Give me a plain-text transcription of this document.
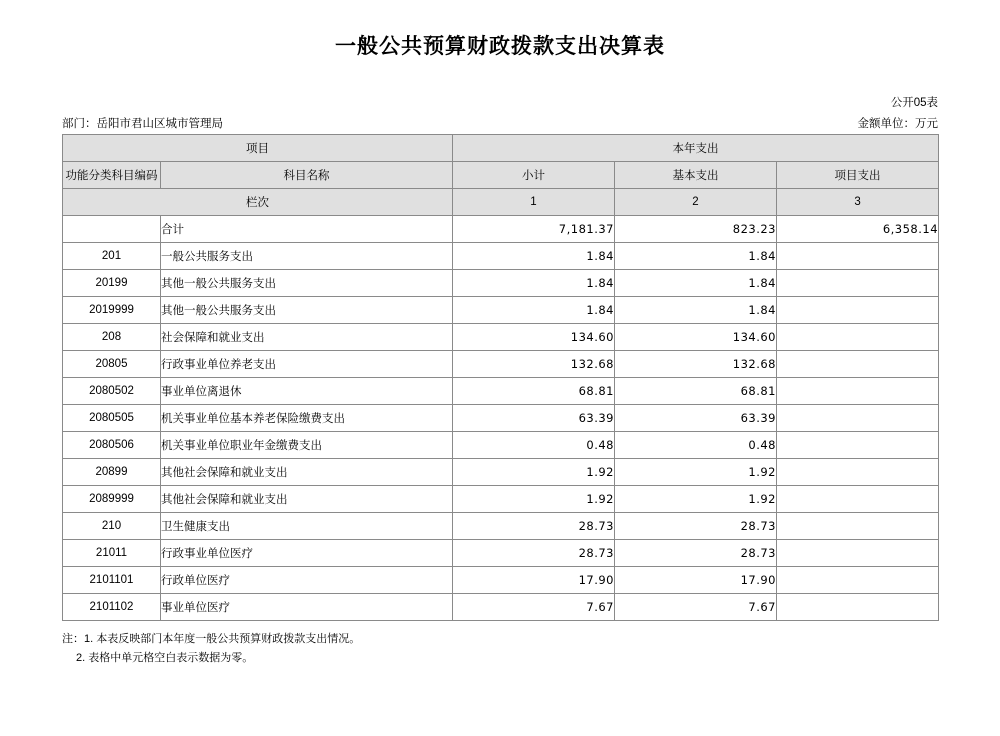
一般公共预算财政拨款支出决算表
公开05表
部门：岳阳市君山区城市管理局	金额单位：万元
项目		本年支出		
功能分类科目编码	科目名称	小计	基本支出	项目支出
栏次		1	2	3
	合计	7,181.37	823.23	6,358.14
201	一般公共服务支出	1.84	1.84	
20199	其他一般公共服务支出	1.84	1.84	
2019999	其他一般公共服务支出	1.84	1.84	
208	社会保障和就业支出	134.60	134.60	
20805	行政事业单位养老支出	132.68	132.68	
2080502	事业单位离退休	68.81	68.81	
2080505	机关事业单位基本养老保险缴费支出	63.39	63.39	
2080506	机关事业单位职业年金缴费支出	0.48	0.48	
20899	其他社会保障和就业支出	1.92	1.92	
2089999	其他社会保障和就业支出	1.92	1.92	
210	卫生健康支出	28.73	28.73	
21011	行政事业单位医疗	28.73	28.73	
2101101	行政单位医疗	17.90	17.90	
2101102	事业单位医疗	7.67	7.67	
注：1. 本表反映部门本年度一般公共预算财政拨款支出情况。
2. 表格中单元格空白表示数据为零。
